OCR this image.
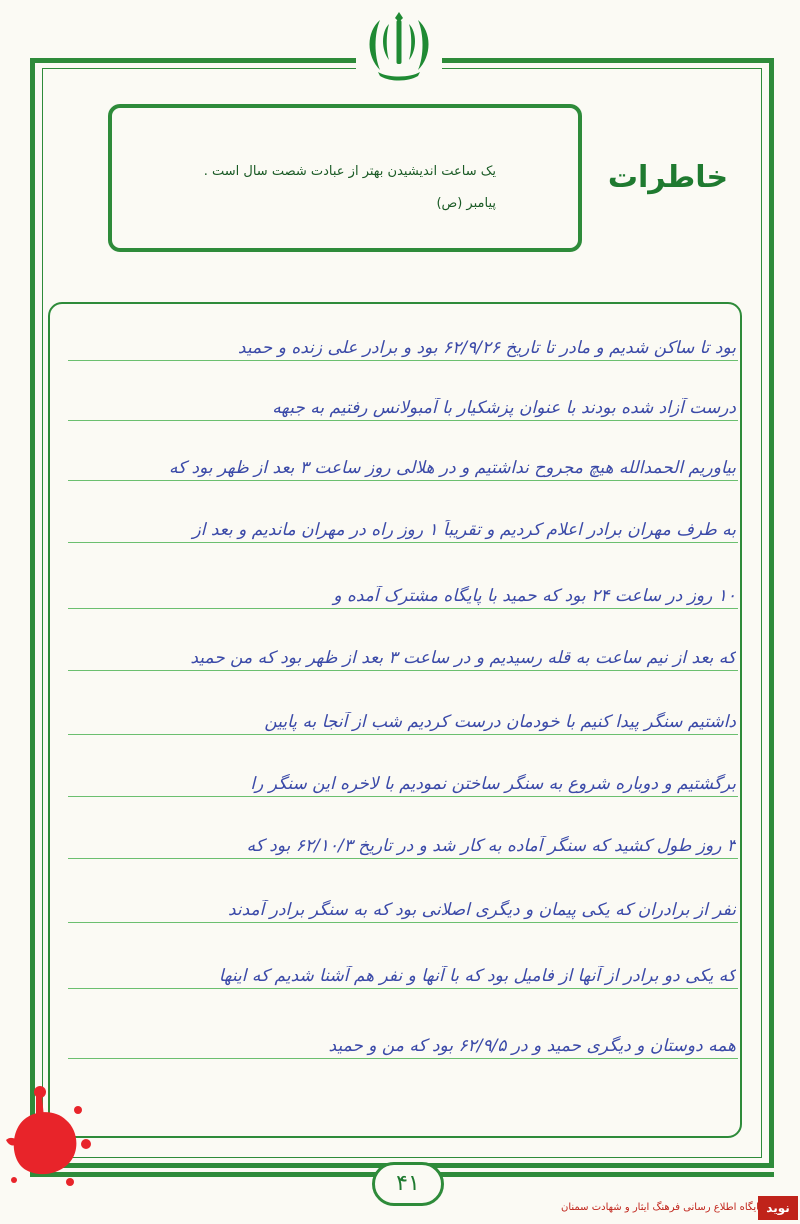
یک ساعت اندیشیدن بهتر از عبادت شصت سال است .
پیامبر (ص)
خاطرات
بود تا ساکن شدیم و مادر تا تاریخ ۶۲/۹/۲۶ بود و برادر علی زنده و حمید
درست آزاد شده بودند با عنوان پزشکیار با آمبولانس رفتیم به جبهه
بیاوریم الحمدالله هیچ مجروح نداشتیم و در هلالی روز ساعت ۳ بعد از ظهر بود که
به طرف مهران برادر اعلام کردیم و تقریباً ۱ روز راه در مهران ماندیم و بعد از
۱۰ روز در ساعت ۲۴ بود که حمید با پایگاه مشترک آمده و
که بعد از نیم ساعت به قله رسیدیم و در ساعت ۳ بعد از ظهر بود که من حمید
داشتیم سنگر پیدا کنیم با خودمان درست کردیم شب از آنجا به پایین
برگشتیم و دوباره شروع به سنگر ساختن نمودیم با لاخره این سنگر را
۳ روز طول کشید که سنگر آماده به کار شد و در تاریخ ۶۲/۱۰/۳ بود که
نفر از برادران که یکی پیمان و دیگری اصلانی بود که به سنگر برادر آمدند
که یکی دو برادر از آنها از فامیل بود که با آنها و نفر هم آشنا شدیم که اینها
همه دوستان و دیگری حمید و در ۶۲/۹/۵ بود که من و حمید
۴۱
نوید
پایگاه اطلاع رسانی فرهنگ ایثار و شهادت سمنان
